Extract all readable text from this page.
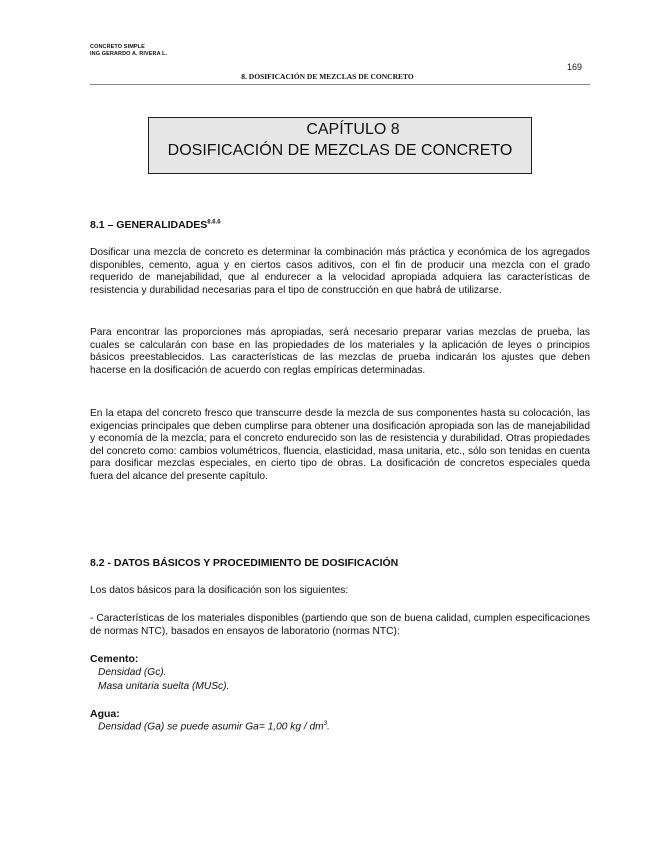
CONCRETO SIMPLE
ING GERARDO A. RIVERA L.
169
8. DOSIFICACIÓN DE MEZCLAS DE CONCRETO
CAPÍTULO 8
DOSIFICACIÓN DE MEZCLAS DE CONCRETO
$8.1 - GENERALIDADES^{8.6.6}$

Dosificar una mezcla de concreto es determinar la combinación más práctica y económica de los agregados disponibles, cemento, agua y en ciertos casos aditivos, con el fin de producir una mezcla con el grado requerido de manejabilidad, que al endurecer a la velocidad apropiada adquiera las características de resistencia y durabilidad necesarias para el tipo de construcción en que habrá de utilizarse.

Para encontrar las proporciones más apropiadas, será necesario preparar varias mezclas de prueba, las cuales se calcularán con base en las propiedades de los materiales y la aplicación de leyes o principios básicos preestablecidos. Las características de las mezclas de prueba indicarán los ajustes que deben hacerse en la dosificación de acuerdo con reglas empíricas determinadas.

En la etapa del concreto fresco que transcurre desde la mezcla de sus componentes hasta su colocación, las exigencias principales que deben cumplirse para obtener una dosificación apropiada son las de manejabilidad y economía de la mezcla; para el concreto endurecido son las de resistencia y durabilidad. Otras propiedades del concreto como: cambios volumétricos, fluencia, elasticidad, masa unitaria, etc., sólo son tenidas en cuenta para dosificar mezclas especiales, en cierto tipo de obras. La dosificación de concretos especiales queda fuera del alcance del presente capítulo.

8.2 - DATOS BÁSICOS Y PROCEDIMIENTO DE DOSIFICACIÓN

Los datos básicos para la dosificación son los siguientes:

- Características de los materiales disponibles (partiendo que son de buena calidad, cumplen especificaciones de normas NTC), basados en ensayos de laboratorio (normas NTC):

Cemento:
Densidad (Gc).
Masa unitaria suelta (MUSc).
Agua:
Densidad (Ga) se puede asumir Ga= 1,00 kg / $dm^3$.
